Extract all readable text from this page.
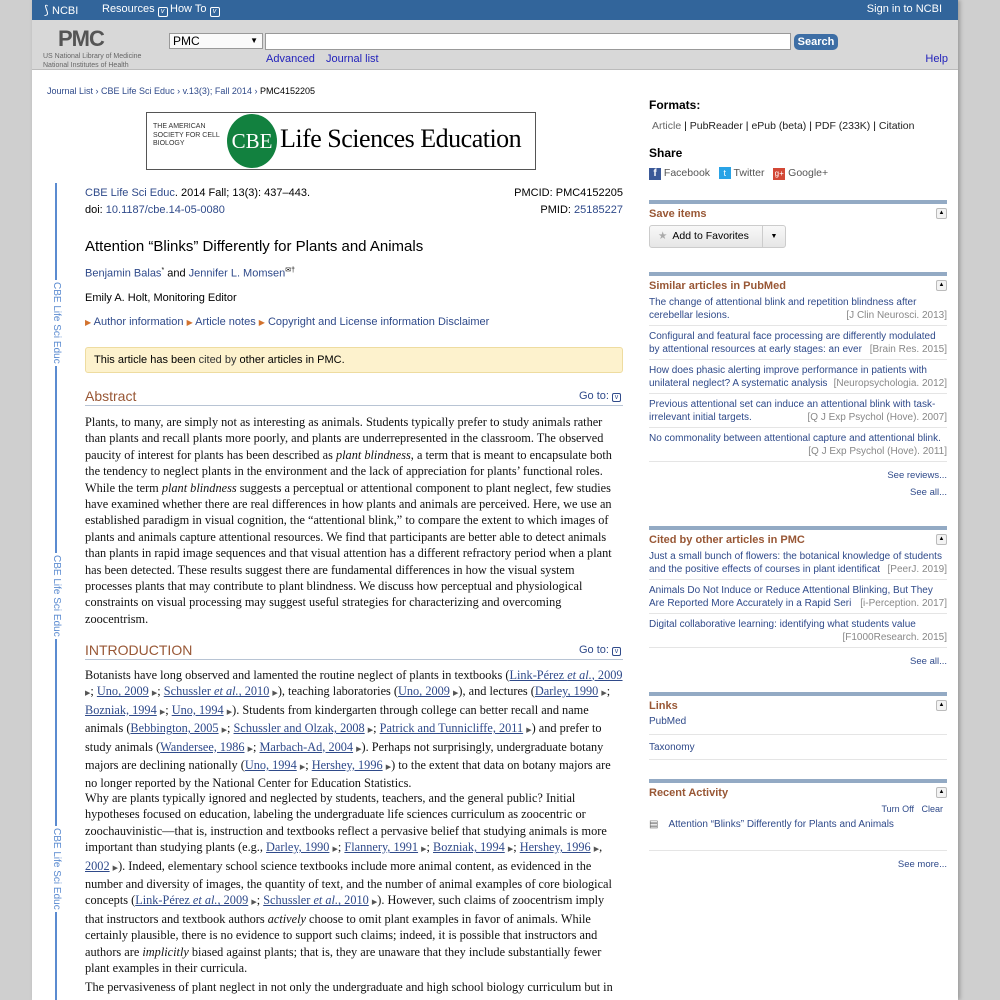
⟆ NCBI Resources v How To v	Sign in to NCBI
PMC
US National Library of Medicine
National Institutes of Health
PMC	▼	Search
Advanced Journal list	Help
Journal List › CBE Life Sci Educ › v.13(3); Fall 2014 › PMC4152205
CBE Life Sci Educ
CBE Life Sci Educ
CBE Life Sci Educ
THE AMERICAN SOCIETY FOR CELL BIOLOGY	CBE Life Sciences Education
CBE Life Sci Educ. 2014 Fall; 13(3): 437–443.
doi: 10.1187/cbe.14-05-0080
PMCID: PMC4152205
PMID: 25185227
Attention “Blinks” Differently for Plants and Animals
Benjamin Balas* and Jennifer L. Momsen✉†
Emily A. Holt, Monitoring Editor
▶ Author information ▶ Article notes ▶ Copyright and License information Disclaimer
This article has been cited by other articles in PMC.
Abstract	Go to: v
Plants, to many, are simply not as interesting as animals. Students typically prefer to study animals rather than plants and recall plants more poorly, and plants are underrepresented in the classroom. The observed paucity of interest for plants has been described as plant blindness, a term that is meant to encapsulate both the tendency to neglect plants in the environment and the lack of appreciation for plants’ functional roles. While the term plant blindness suggests a perceptual or attentional component to plant neglect, few studies have examined whether there are real differences in how plants and animals are perceived. Here, we use an established paradigm in visual cognition, the “attentional blink,” to compare the extent to which images of plants and animals capture attentional resources. We find that participants are better able to detect animals than plants in rapid image sequences and that visual attention has a different refractory period when a plant has been detected. These results suggest there are fundamental differences in how the visual system processes plants that may contribute to plant blindness. We discuss how perceptual and physiological constraints on visual processing may suggest useful strategies for characterizing and overcoming zoocentrism.
INTRODUCTION	Go to: v
Botanists have long observed and lamented the routine neglect of plants in textbooks (Link-Pérez et al., 2009 ▶; Uno, 2009 ▶; Schussler et al., 2010 ▶), teaching laboratories (Uno, 2009 ▶), and lectures (Darley, 1990 ▶; Bozniak, 1994 ▶; Uno, 1994 ▶). Students from kindergarten through college can better recall and name animals (Bebbington, 2005 ▶; Schussler and Olzak, 2008 ▶; Patrick and Tunnicliffe, 2011 ▶) and prefer to study animals (Wandersee, 1986 ▶; Marbach-Ad, 2004 ▶). Perhaps not surprisingly, undergraduate botany majors are declining nationally (Uno, 1994 ▶; Hershey, 1996 ▶) to the extent that data on botany majors are no longer reported by the National Center for Education Statistics.
Why are plants typically ignored and neglected by students, teachers, and the general public? Initial hypotheses focused on education, labeling the undergraduate life sciences curriculum as zoocentric or zoochauvinistic—that is, instruction and textbooks reflect a pervasive belief that studying animals is more important than studying plants (e.g., Darley, 1990 ▶; Flannery, 1991 ▶; Bozniak, 1994 ▶; Hershey, 1996 ▶, 2002 ▶). Indeed, elementary school science textbooks include more animal content, as evidenced in the number and diversity of images, the quantity of text, and the number of animal examples of core biological concepts (Link-Pérez et al., 2009 ▶; Schussler et al., 2010 ▶). However, such claims of zoocentrism imply that instructors and textbook authors actively choose to omit plant examples in favor of animals. While certainly plausible, there is no evidence to support such claims; indeed, it is possible that instructors and authors are implicitly biased against plants; that is, they are unaware that they include substantially fewer plant examples in their curricula.
The pervasiveness of plant neglect in not only the undergraduate and high school biology curriculum but in
Formats:
Article | PubReader | ePub (beta) | PDF (233K) | Citation
Share
f Facebook t Twitter g+ Google+
Save items	▲
★ Add to Favorites	▼
Similar articles in PubMed	▲
The change of attentional blink and repetition blindness after cerebellar lesions.	[J Clin Neurosci. 2013]
Configural and featural face processing are differently modulated by attentional resources at early stages: an ever [Brain Res. 2015]
How does phasic alerting improve performance in patients with unilateral neglect? A systematic analysis [Neuropsychologia. 2012]
Previous attentional set can induce an attentional blink with task-irrelevant initial targets.	[Q J Exp Psychol (Hove). 2007]
No commonality between attentional capture and attentional blink.
[Q J Exp Psychol (Hove). 2011]
See reviews...
See all...
Cited by other articles in PMC	▲
Just a small bunch of flowers: the botanical knowledge of students and the positive effects of courses in plant identificat [PeerJ. 2019]
Animals Do Not Induce or Reduce Attentional Blinking, But They Are Reported More Accurately in a Rapid Seri [i-Perception. 2017]
Digital collaborative learning: identifying what students value
[F1000Research. 2015]
See all...
Links	▲
PubMed
Taxonomy
Recent Activity	▲
Turn Off Clear
▤ Attention “Blinks” Differently for Plants and Animals
See more...
